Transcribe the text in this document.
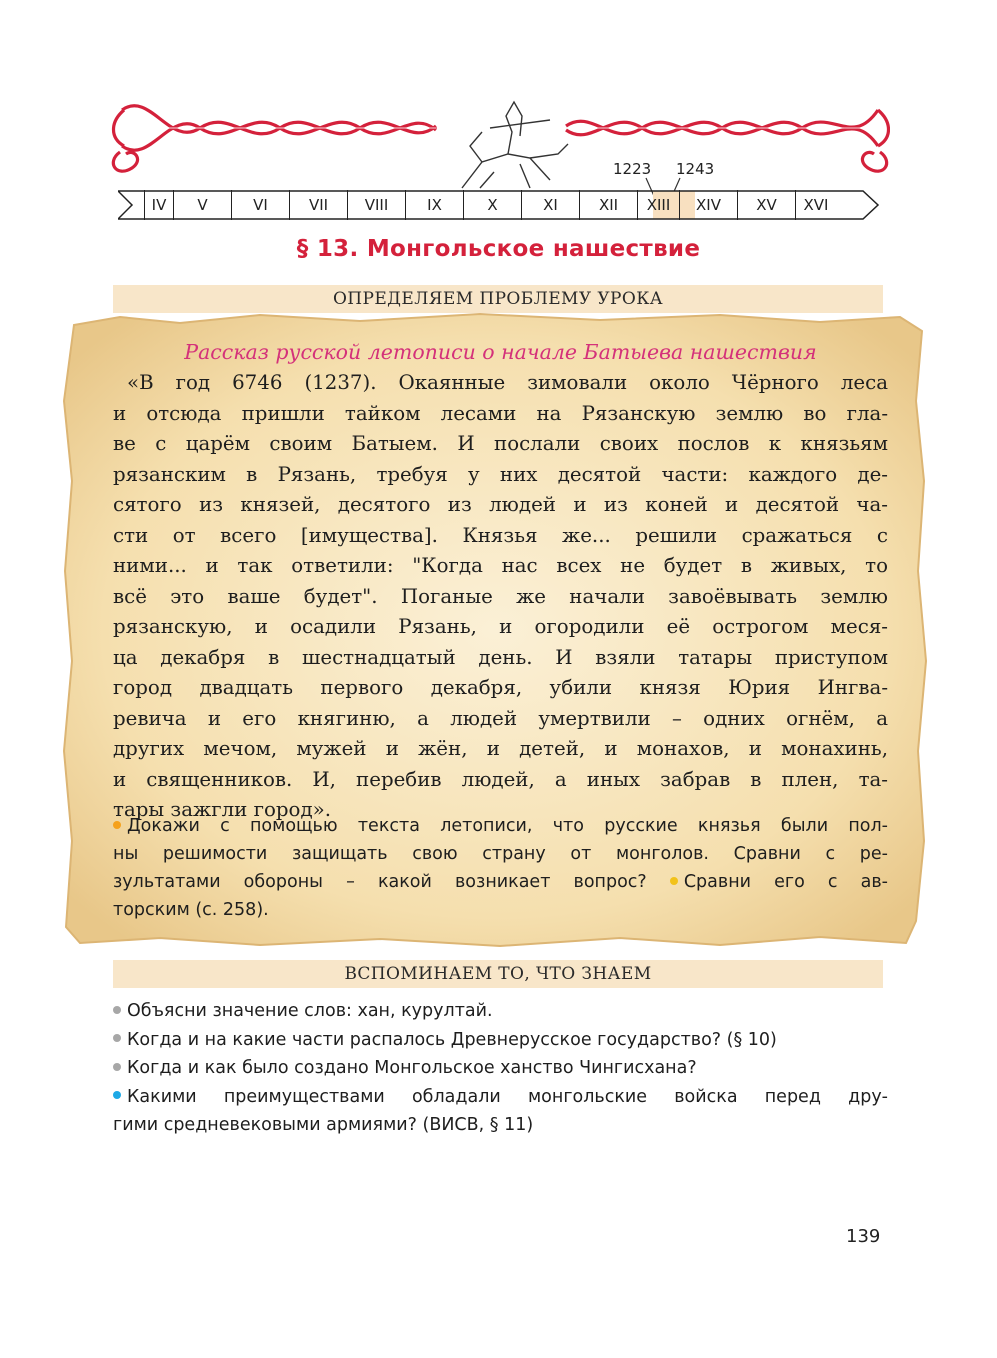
1223 1243
IV	V	VI	VII	VIII	IX	X	XI	XII	XIII	XIV	XV	XVI
§ 13. Монгольское нашествие
ОПРЕДЕЛЯЕМ ПРОБЛЕМУ УРОКА
Рассказ русской летописи о начале Батыева нашествия
«В год 6746 (1237). Окаянные зимовали около Чёрного леса
и отсюда пришли тайком лесами на Рязанскую землю во гла-
ве с царём своим Батыем. И послали своих послов к князьям
рязанским в Рязань, требуя у них десятой части: каждого де-
сятого из князей, десятого из людей и из коней и десятой ча-
сти от всего [имущества]. Князья же... решили сражаться с
ними... и так ответили: "Когда нас всех не будет в живых, то
всё это ваше будет". Поганые же начали завоёвывать землю
рязанскую, и осадили Рязань, и огородили её острогом меся-
ца декабря в шестнадцатый день. И взяли татары приступом
город двадцать первого декабря, убили князя Юрия Ингва-
ревича и его княгиню, а людей умертвили – одних огнём, а
других мечом, мужей и жён, и детей, и монахов, и монахинь,
и священников. И, перебив людей, а иных забрав в плен, та-
тары зажгли город».
Докажи с помощью текста летописи, что русские князья были пол-
ны решимости защищать свою страну от монголов. Сравни с ре-
зультатами обороны – какой возникает вопрос? Сравни его с ав-
торским (с. 258).
ВСПОМИНАЕМ ТО, ЧТО ЗНАЕМ
Объясни значение слов: хан, курултай.
Когда и на какие части распалось Древнерусское государство? (§ 10)
Когда и как было создано Монгольское ханство Чингисхана?
Какими преимуществами обладали монгольские войска перед дру-
гими средневековыми армиями? (ВИСВ, § 11)
139
